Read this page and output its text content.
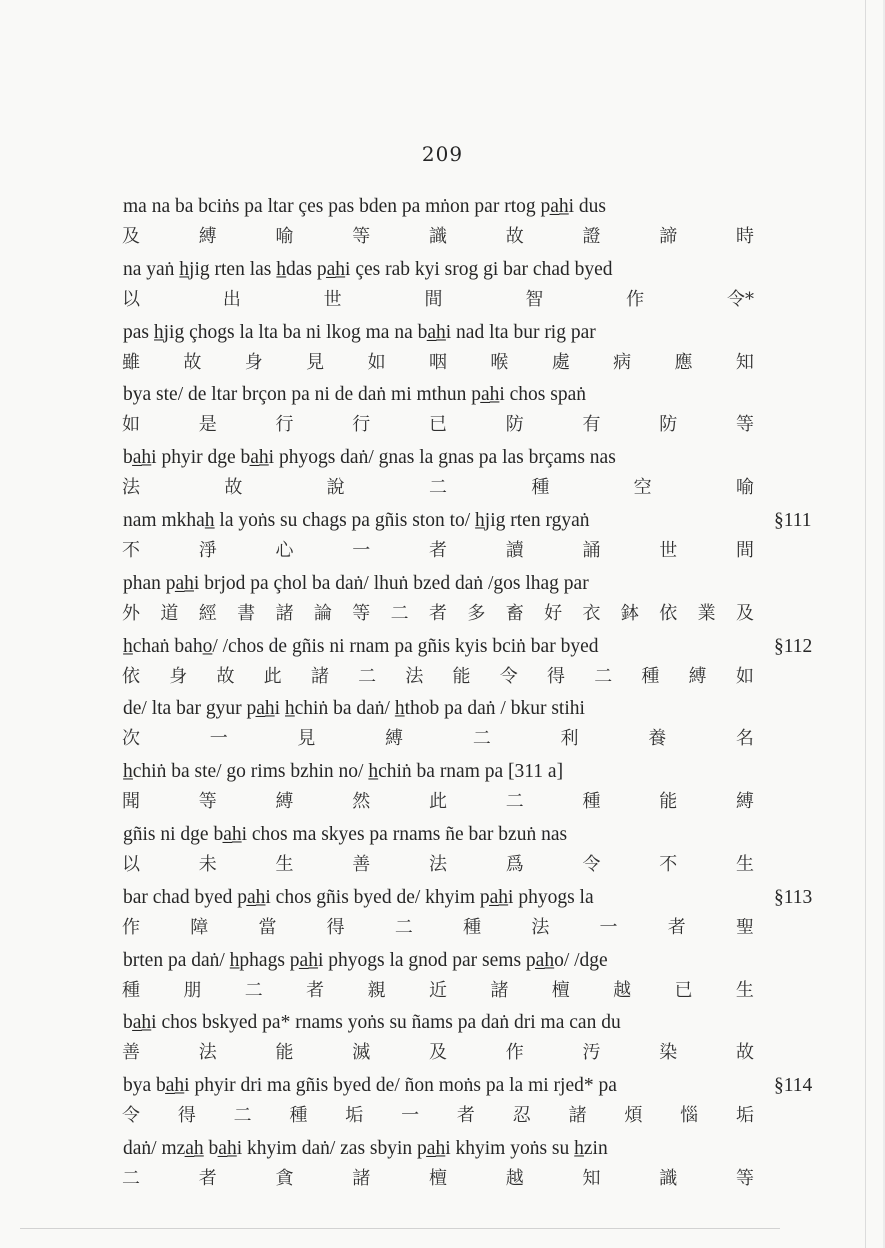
209
ma na ba bciṅs pa ltar çes pas bden pa mṅon par rtog pa̲h̲i dus
及	縛	喻	等	識	故	證	諦	時
na yaṅ h̲jig rten las h̲das pa̲h̲i çes rab kyi srog gi bar chad byed
以	出	世	間	智	作	令*
pas h̲jig çhogs la lta ba ni lkog ma na ba̲h̲i nad lta bur rig par
雖 故 身 見 如 咽 喉 處 病 應 知
bya ste/ de ltar brçon pa ni de daṅ mi mthun pa̲h̲i chos spaṅ
如	是	行	行	已	防	有	防	等
ba̲h̲i phyir dge ba̲h̲i phyogs daṅ/ gnas la gnas pa las brçams nas
法	故	說	二	種	空	喻
nam mkhah̲ la yoṅs su chags pa gñis ston to/ h̲jig rten rgyaṅ	§111
不	淨	心	一	者	讀	誦	世	間
phan pa̲h̲i brjod pa çhol ba daṅ/ lhuṅ bzed daṅ /gos lhag par
外 道 經 書 諸 論 等 二 者 多 畜 好 衣 鉢 依 業 及
h̲chaṅ baho̲/ /chos de gñis ni rnam pa gñis kyis bciṅ bar byed	§112
依 身 故 此 諸 二 法 能 令 得 二 種 縛 如
de/ lta bar gyur pa̲h̲i h̲chiṅ ba daṅ/ h̲thob pa daṅ / bkur stihi
次	一	見	縛	二	利	養	名
h̲chiṅ ba ste/ go rims bzhin no/ h̲chiṅ ba rnam pa [311 a]
聞	等	縛	然	此	二	種	能	縛
gñis ni dge ba̲h̲i chos ma skyes pa rnams ñe bar bzuṅ nas
以	未	生	善	法	爲	令	不	生
bar chad byed pa̲h̲i chos gñis byed de/ khyim pa̲h̲i phyogs la	§113
作	障	當	得	二	種	法	一	者	聖
brten pa daṅ/ h̲phags pa̲h̲i phyogs la gnod par sems pa̲h̲o/ /dge
種 朋 二 者 親 近 諸 檀 越 已 生
ba̲h̲i chos bskyed pa* rnams yoṅs su ñams pa daṅ dri ma can du
善	法	能	滅	及	作	汚	染	故
bya ba̲h̲i phyir dri ma gñis byed de/ ñon moṅs pa la mi rjed* pa	§114
令 得 二 種 垢 一 者 忍 諸 煩 惱 垢
daṅ/ mza̲h̲ ba̲h̲i khyim daṅ/ zas sbyin pa̲h̲i khyim yoṅs su h̲zin
二	者	貪	諸	檀	越	知	識	等
